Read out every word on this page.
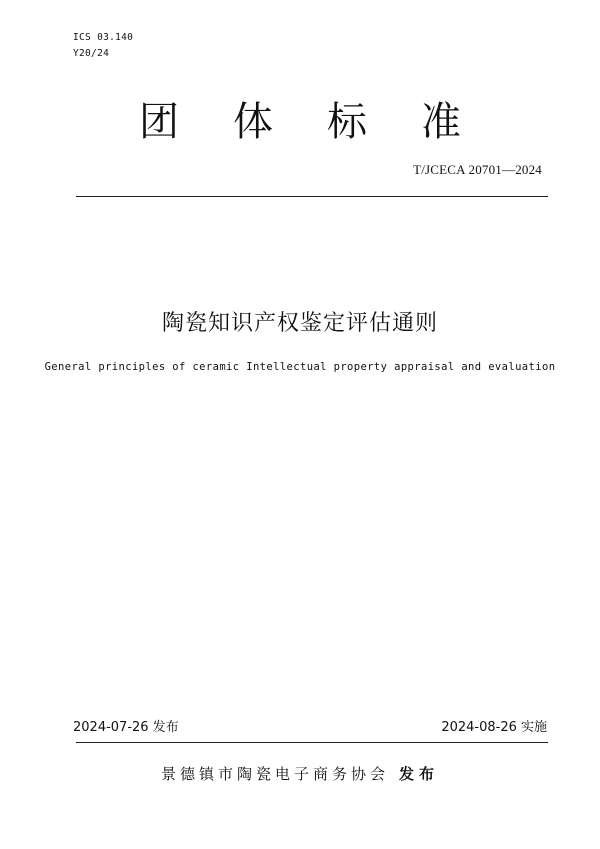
ICS 03.140
Y20/24
团 体 标 准
T/JCECA 20701—2024
陶瓷知识产权鉴定评估通则
General principles of ceramic Intellectual property appraisal and evaluation
2024-07-26 发布	2024-08-26 实施
景德镇市陶瓷电子商务协会 发布
